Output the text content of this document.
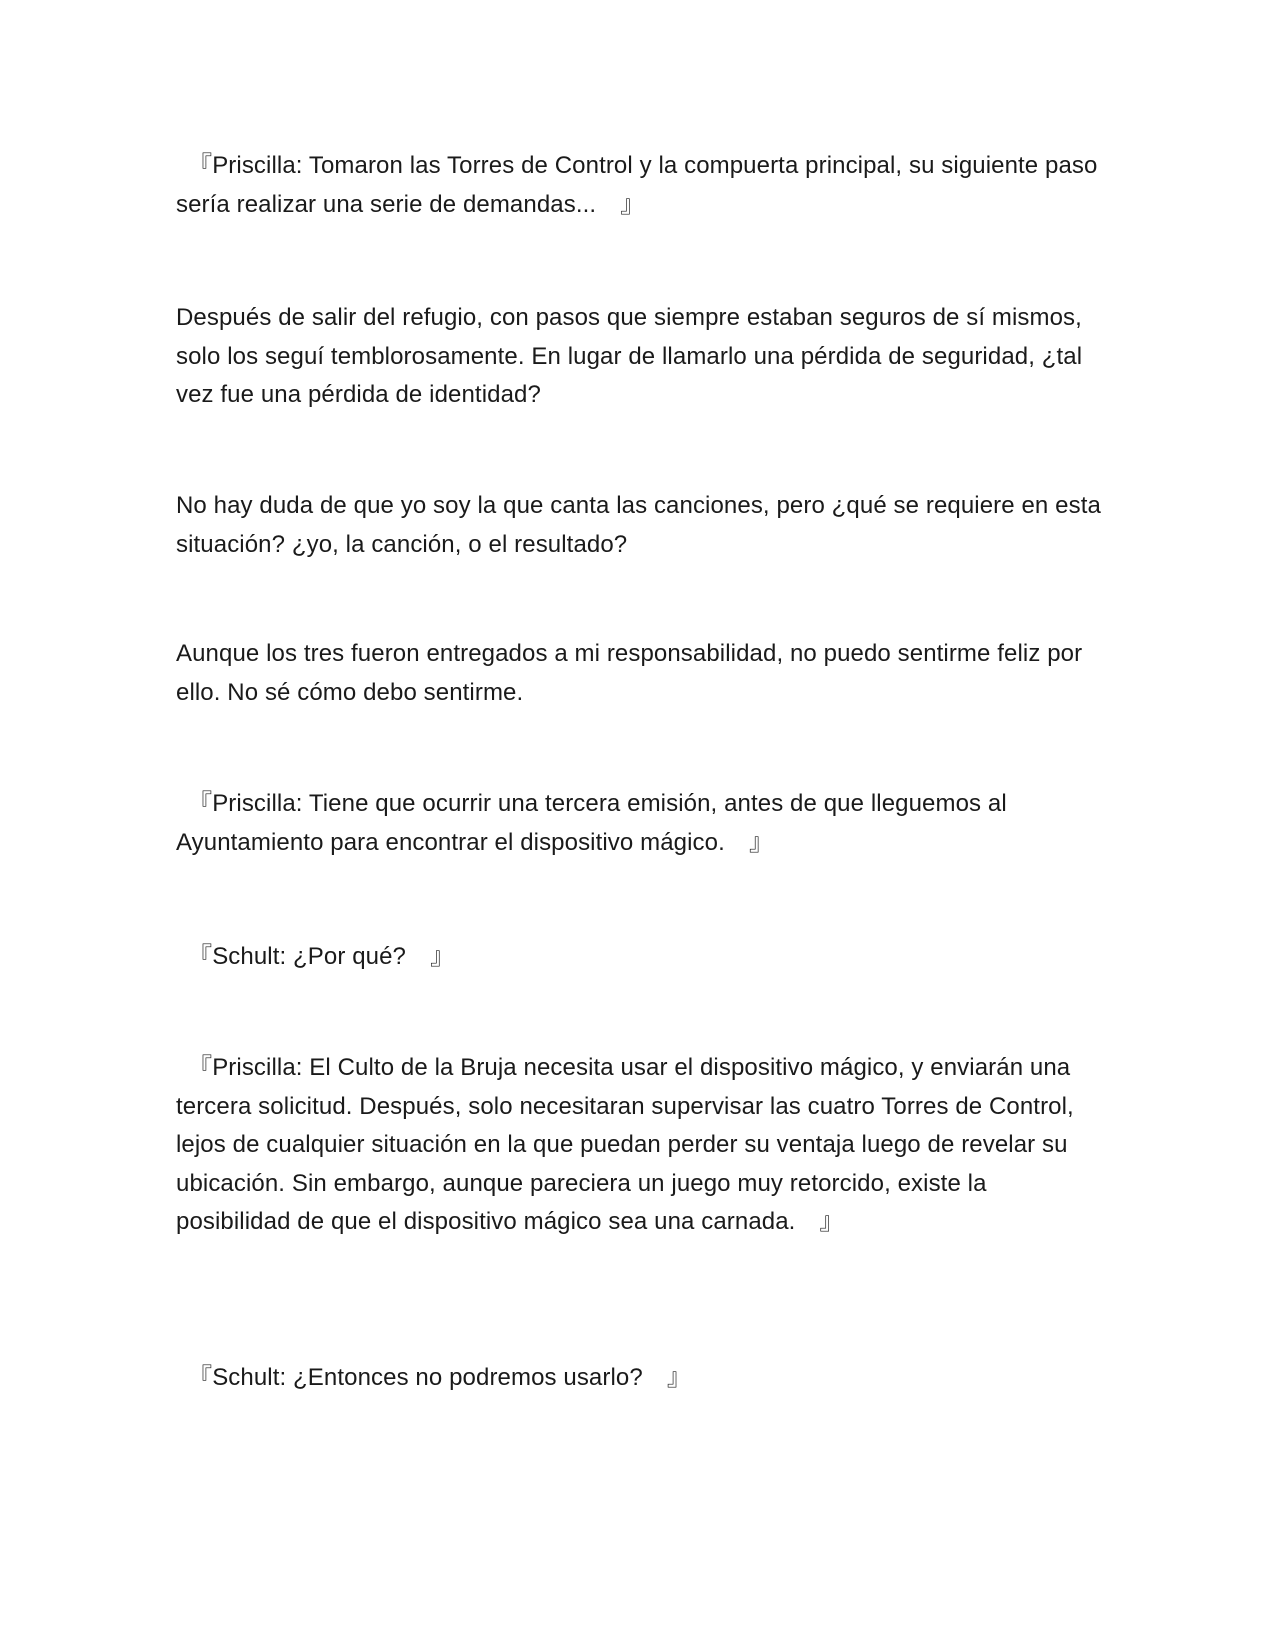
　『Priscilla: Tomaron las Torres de Control y la compuerta principal, su siguiente paso sería realizar una serie de demandas...　』

Después de salir del refugio, con pasos que siempre estaban seguros de sí mismos, solo los seguí temblorosamente. En lugar de llamarlo una pérdida de seguridad, ¿tal vez fue una pérdida de identidad?

No hay duda de que yo soy la que canta las canciones, pero ¿qué se requiere en esta situación? ¿yo, la canción, o el resultado?

Aunque los tres fueron entregados a mi responsabilidad, no puedo sentirme feliz por ello. No sé cómo debo sentirme.

　『Priscilla: Tiene que ocurrir una tercera emisión, antes de que lleguemos al Ayuntamiento para encontrar el dispositivo mágico.　』

　『Schult: ¿Por qué?　』

　『Priscilla: El Culto de la Bruja necesita usar el dispositivo mágico, y enviarán una tercera solicitud. Después, solo necesitaran supervisar las cuatro Torres de Control, lejos de cualquier situación en la que puedan perder su ventaja luego de revelar su ubicación. Sin embargo, aunque pareciera un juego muy retorcido, existe la posibilidad de que el dispositivo mágico sea una carnada.　』

　『Schult: ¿Entonces no podremos usarlo?　』
